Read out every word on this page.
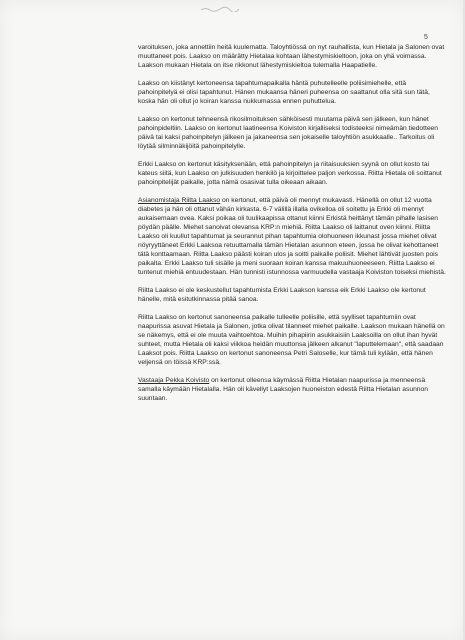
5

varoituksen, joka annettiin heitä kuulematta. Taloyhtiössä on nyt rauhallista, kun Hietala ja Salonen ovat muuttaneet pois. Laakso on määrätty Hietalaa kohtaan lähestymiskieltoon, joka on yhä voimassa. Laakson mukaan Hietala on itse rikkonut lähestymiskieltoa tulemalla Haapatielle.

Laakso on kiistänyt kertoneensa tapahtumapaikalla häntä puhutelleelle poliisimiehelle, että pahoinpitelyä ei olisi tapahtunut. Hänen mukaansa häneri puheensa on saattanut olla sitä sun tätä, koska hän oli ollut jo koiran kanssa nukkumassa ennen puhuttelua.

Laakso on kertonut tehneensä rikosilmoituksen sähköisesti muutama päivä sen jälkeen, kun hänet pahoinpideltiin. Laakso on kertonut laatineensa Koiviston kirjalliseksi todisteeksi nimeämän tiedotteen päivä tai kaksi pahoinpitelyn jälkeen ja jakaneensa sen jokaiselle taloyhtiön asukkaalle.. Tarkoitus oli löytää silminnäkijöitä pahoinpitelylle.

Erkki Laakso on kertonut käsityksenään, että pahoinpitelyn ja riitaisuuksien syynä on ollut kosto tai kateus siitä, kun Laakso on julkisuuden henkilö ja kirjoittelee paljon verkossa. Riitta Hietala oli soittanut pahoinpitelijät paikalle, jotta nämä osasivat tulla oikeaan aikaan.

Asianomistaja Riitta Laakso on kertonut, että päivä oli mennyt mukavasti. Hänellä on ollut 12 vuotta diabetes ja hän oli ottanut vähän kirkasta. 6-7 välillä illalla ovikelloa oli soitettu ja Erkki oli mennyt aukaisemaan ovea. Kaksi poikaa oli tuulikaapissa ottanut kiinni Erkistä heittänyt tämän pihalle lasisen pöydän päälle. Miehet sanoivat olevansa KRP:n miehiä. Riitta Laakso oli laittanut oven kiinni. Riitta Laakso oli kuullut tapahtumat ja seurannut pihan tapahtumia olohuoneen ikkunast jossa miehet olivat nöyryyttäneet Erkki Laaksoa retuuttamalla tämän Hietalan asunnon eteen, jossa he olivat kehottaneet tätä konttaamaan. Riitta Laakso päästi koiran ulos ja soitti paikalle poliisit. Miehet lähtivät juosten pois paikalta. Erkki Laakso tuli sisälle ja meni suoraan koiran kanssa makuuhuoneeseen. Riitta Laakso ei tuntenut miehiä entuudestaan. Hän tunnisti istunnossa varmuudella vastaaja Koiviston toiseksi miehistä.

Riitta Laakso ei ole keskustellut tapahtumista Erkki Laakson kanssa eik Erkki Laakso ole kertonut hänelle, mitä esitutkinnassa pitää sanoa.

Riitta Laakso on kertonut sanoneensa paikalle tulleelle poliisille, että syylliset tapahtumiin ovat naapurissa asuvat Hietala ja Salonen, jotka olivat tilanneet miehet paikalle. Laakson mukaan hänellä on se näkemys, että ei ole muuta vaihtoehtoa. Muihin pihapiirin asukkaisiin Laaksoilla on ollut ihan hyvät suhteet, mutta Hietala oli kaksi viikkoa heidän muuttonsa jälkeen alkanut "laputtelemaan", että saadaan Laaksot pois. Riitta Laakso on kertonut sanoneensa Petri Saloselle, kur tämä tuli kylään, että hänen veljensä on töissä KRP:ssä.

Vastaaja Pekka Koivisto on kertonut olleensa käymässä Riitta Hietalan naapurissa ja menneensä samalla käymään Hietalalla. Hän oli kävellyt Laaksojen huoneiston edestä Riitta Hietalan asunnon suuntaan.
